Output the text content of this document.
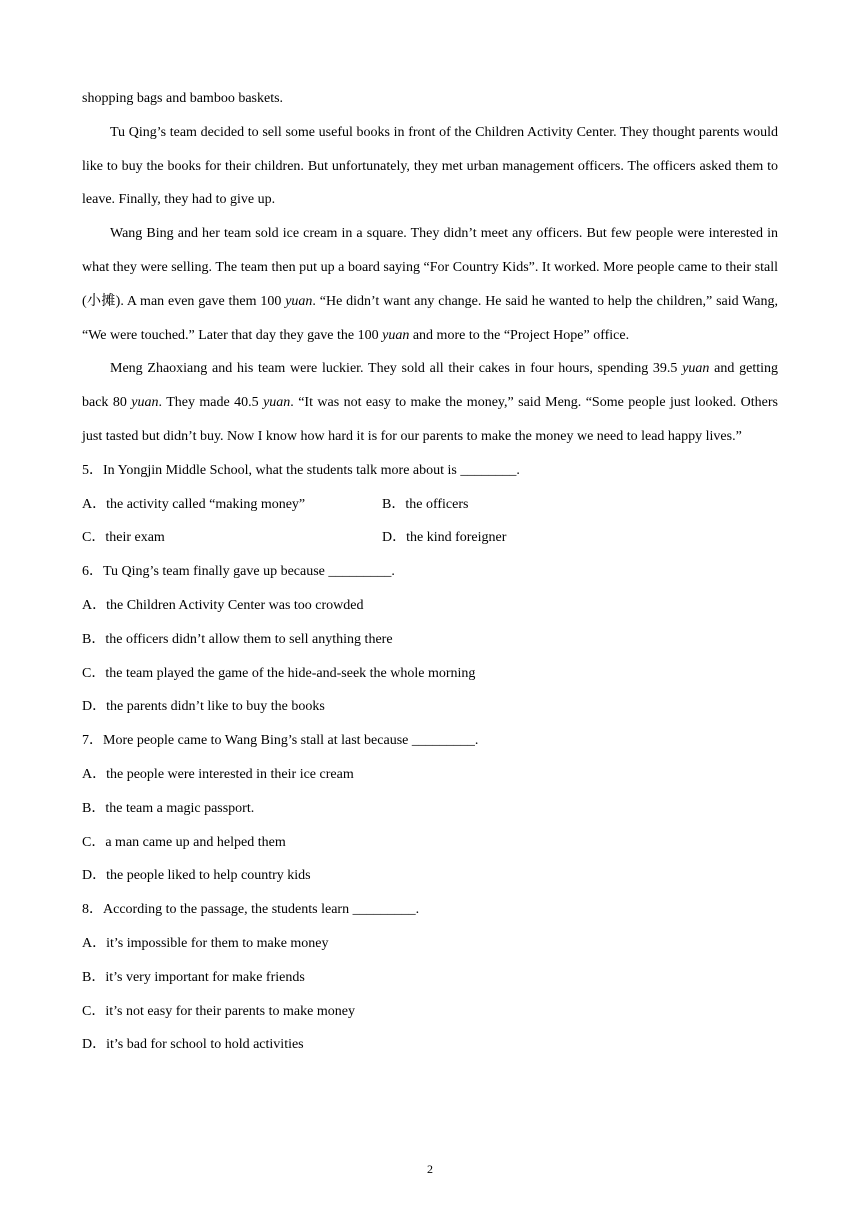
shopping bags and bamboo baskets.

Tu Qing’s team decided to sell some useful books in front of the Children Activity Center. They thought parents would like to buy the books for their children. But unfortunately, they met urban management officers. The officers asked them to leave. Finally, they had to give up.

Wang Bing and her team sold ice cream in a square. They didn’t meet any officers. But few people were interested in what they were selling. The team then put up a board saying “For Country Kids”. It worked. More people came to their stall (小摊). A man even gave them 100 yuan. “He didn’t want any change. He said he wanted to help the children,” said Wang, “We were touched.” Later that day they gave the 100 yuan and more to the “Project Hope” office.

Meng Zhaoxiang and his team were luckier. They sold all their cakes in four hours, spending 39.5 yuan and getting back 80 yuan. They made 40.5 yuan. “It was not easy to make the money,” said Meng. “Some people just looked. Others just tasted but didn’t buy. Now I know how hard it is for our parents to make the money we need to lead happy lives.”

5．In Yongjin Middle School, what the students talk more about is ________.

A．the activity called “making money”	B．the officers
C．their exam	D．the kind foreigner

6．Tu Qing’s team finally gave up because _________.

A．the Children Activity Center was too crowded

B．the officers didn’t allow them to sell anything there

C．the team played the game of the hide-and-seek the whole morning

D．the parents didn’t like to buy the books

7．More people came to Wang Bing’s stall at last because _________.

A．the people were interested in their ice cream

B．the team a magic passport.

C．a man came up and helped them

D．the people liked to help country kids

8．According to the passage, the students learn _________.

A．it’s impossible for them to make money

B．it’s very important for make friends

C．it’s not easy for their parents to make money

D．it’s bad for school to hold activities

2
